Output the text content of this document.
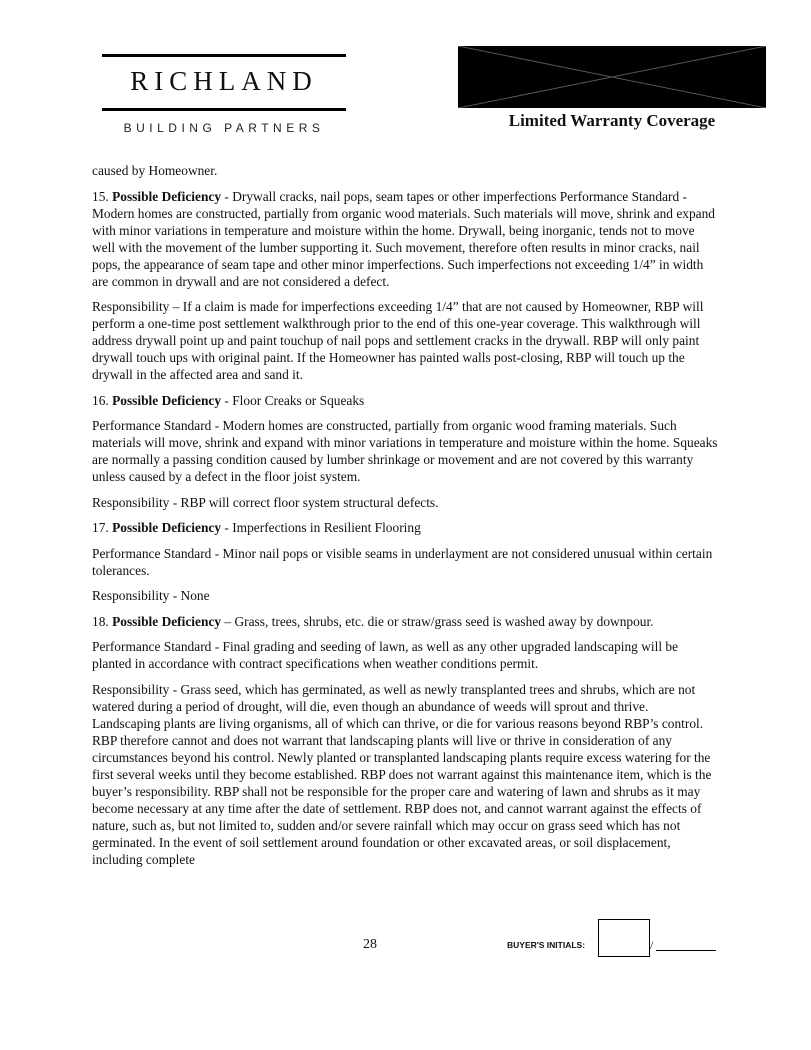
RICHLAND
BUILDING PARTNERS	Limited Warranty Coverage

caused by Homeowner.

15. Possible Deficiency - Drywall cracks, nail pops, seam tapes or other imperfections Performance Standard - Modern homes are constructed, partially from organic wood materials. Such materials will move, shrink and expand with minor variations in temperature and moisture within the home. Drywall, being inorganic, tends not to move well with the movement of the lumber supporting it. Such movement, therefore often results in minor cracks, nail pops, the appearance of seam tape and other minor imperfections. Such imperfections not exceeding 1/4” in width are common in drywall and are not considered a defect.

Responsibility – If a claim is made for imperfections exceeding 1/4” that are not caused by Homeowner, RBP will perform a one-time post settlement walkthrough prior to the end of this one-year coverage. This walkthrough will address drywall point up and paint touchup of nail pops and settlement cracks in the drywall. RBP will only paint drywall touch ups with original paint. If the Homeowner has painted walls post-closing, RBP will touch up the drywall in the affected area and sand it.

16. Possible Deficiency - Floor Creaks or Squeaks

Performance Standard - Modern homes are constructed, partially from organic wood framing materials. Such materials will move, shrink and expand with minor variations in temperature and moisture within the home. Squeaks are normally a passing condition caused by lumber shrinkage or movement and are not covered by this warranty unless caused by a defect in the floor joist system.

Responsibility - RBP will correct floor system structural defects.

17. Possible Deficiency - Imperfections in Resilient Flooring

Performance Standard - Minor nail pops or visible seams in underlayment are not considered unusual within certain tolerances.

Responsibility - None

18. Possible Deficiency – Grass, trees, shrubs, etc. die or straw/grass seed is washed away by downpour.

Performance Standard - Final grading and seeding of lawn, as well as any other upgraded landscaping will be planted in accordance with contract specifications when weather conditions permit.

Responsibility - Grass seed, which has germinated, as well as newly transplanted trees and shrubs, which are not watered during a period of drought, will die, even though an abundance of weeds will sprout and thrive. Landscaping plants are living organisms, all of which can thrive, or die for various reasons beyond RBP’s control. RBP therefore cannot and does not warrant that landscaping plants will live or thrive in consideration of any circumstances beyond his control. Newly planted or transplanted landscaping plants require excess watering for the first several weeks until they become established. RBP does not warrant against this maintenance item, which is the buyer’s responsibility. RBP shall not be responsible for the proper care and watering of lawn and shrubs as it may become necessary at any time after the date of settlement. RBP does not, and cannot warrant against the effects of nature, such as, but not limited to, sudden and/or severe rainfall which may occur on grass seed which has not germinated. In the event of soil settlement around foundation or other excavated areas, or soil displacement, including complete

28	BUYER'S INITIALS:	/
